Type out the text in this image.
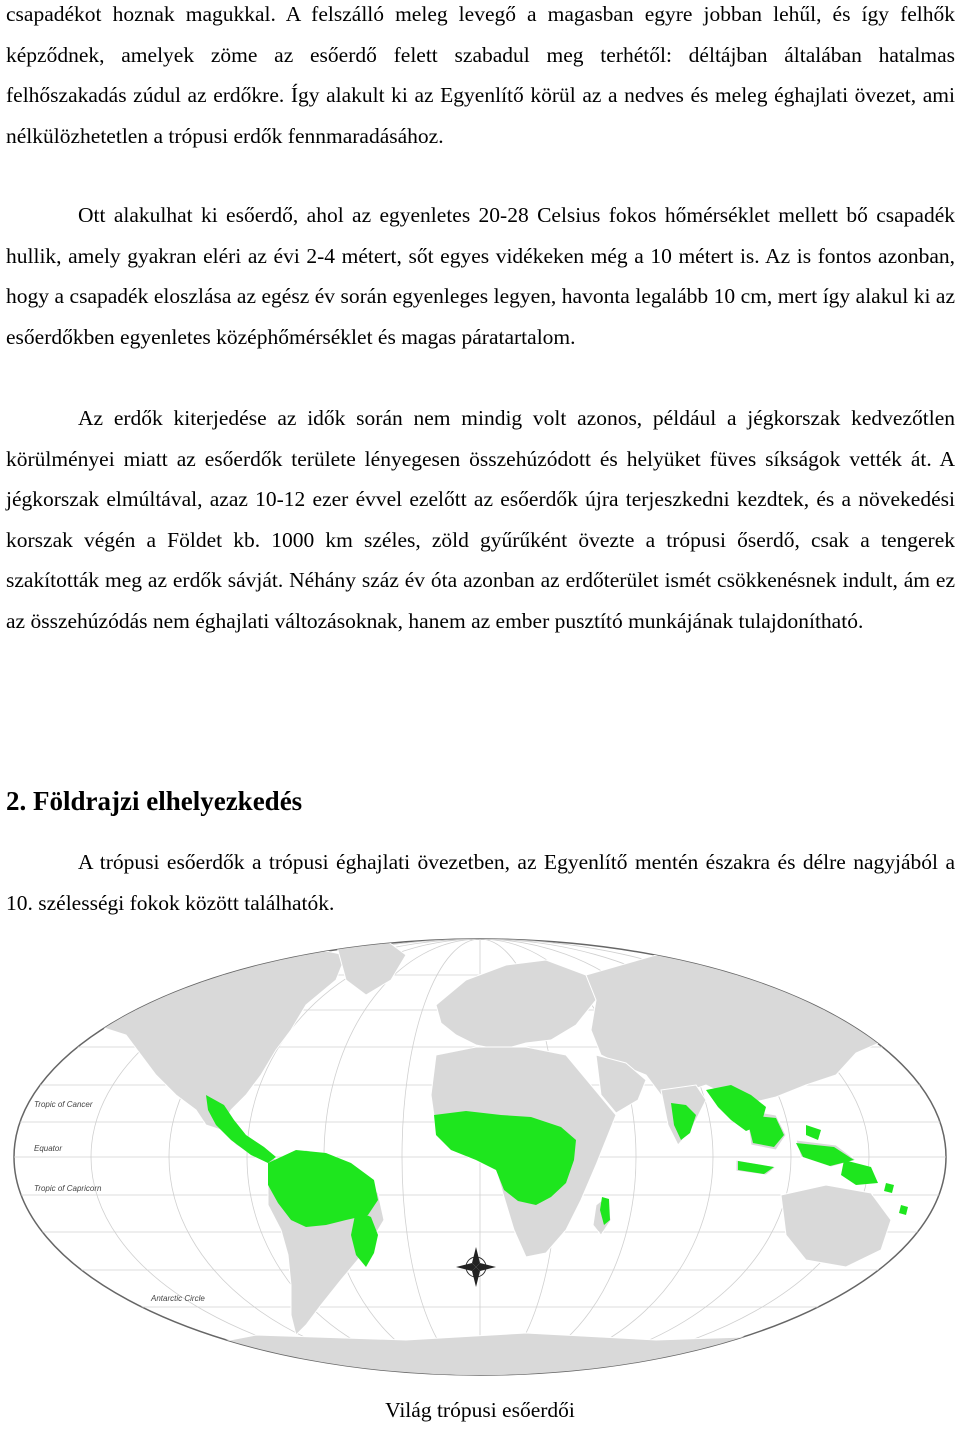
csapadékot hoznak magukkal. A felszálló meleg levegő a magasban egyre jobban lehűl, és így felhők képződnek, amelyek zöme az esőerdő felett szabadul meg terhétől: déltájban általában hatalmas felhőszakadás zúdul az erdőkre. Így alakult ki az Egyenlítő körül az a nedves és meleg éghajlati övezet, ami nélkülözhetetlen a trópusi erdők fennmaradásához.

Ott alakulhat ki esőerdő, ahol az egyenletes 20-28 Celsius fokos hőmérséklet mellett bő csapadék hullik, amely gyakran eléri az évi 2-4 métert, sőt egyes vidékeken még a 10 métert is. Az is fontos azonban, hogy a csapadék eloszlása az egész év során egyenleges legyen, havonta legalább 10 cm, mert így alakul ki az esőerdőkben egyenletes középhőmérséklet és magas páratartalom.

Az erdők kiterjedése az idők során nem mindig volt azonos, például a jégkorszak kedvezőtlen körülményei miatt az esőerdők területe lényegesen összehúzódott és helyüket füves síkságok vették át. A jégkorszak elmúltával, azaz 10-12 ezer évvel ezelőtt az esőerdők újra terjeszkedni kezdtek, és a növekedési korszak végén a Földet kb. 1000 km széles, zöld gyűrűként övezte a trópusi őserdő, csak a tengerek szakították meg az erdők sávját. Néhány száz év óta azonban az erdőterület ismét csökkenésnek indult, ám ez az összehúzódás nem éghajlati változásoknak, hanem az ember pusztító munkájának tulajdonítható.

2. Földrajzi elhelyezkedés

A trópusi esőerdők a trópusi éghajlati övezetben, az Egyenlítő mentén északra és délre nagyjából a 10. szélességi fokok között találhatók.

Tropic of Cancer
Equator
Tropic of Capricorn
Antarctic Circle
Világ trópusi esőerdői
